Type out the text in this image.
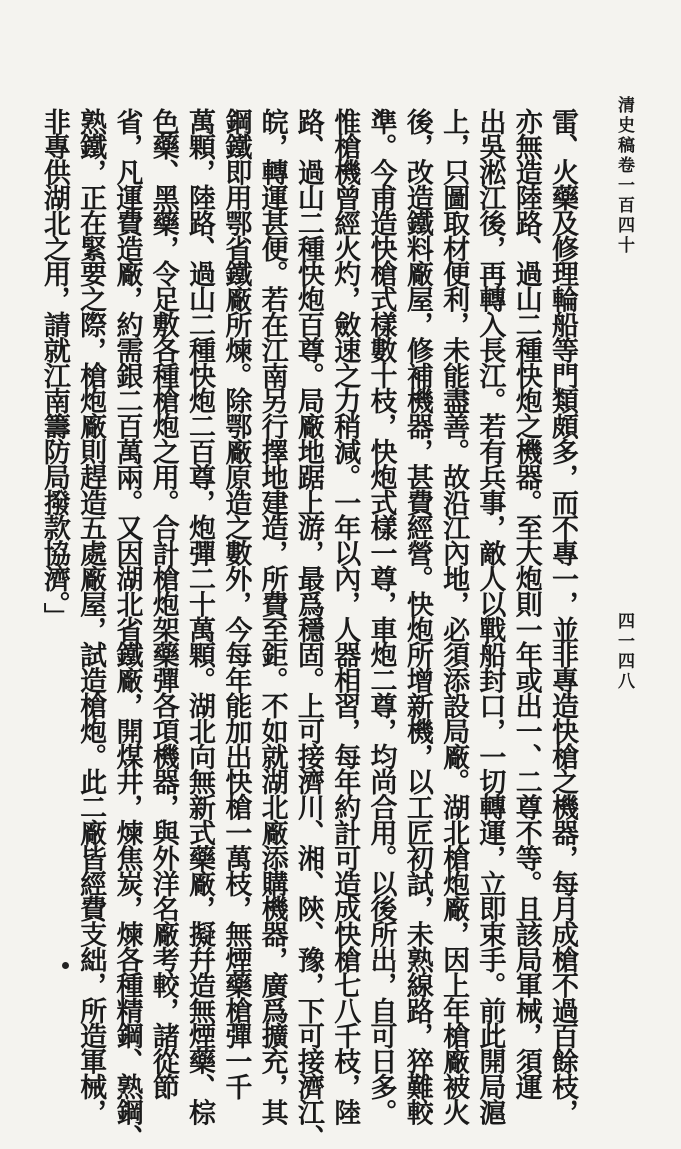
清史稿卷一百四十
四一四八
雷、火藥及修理輪船等門類頗多，而不專一，並非專造快槍之機器，每月成槍不過百餘枝，
亦無造陸路、過山二種快炮之機器。至大炮則一年或出一、二尊不等。且該局軍械，須運
出吳淞江後，再轉入長江。若有兵事，敵人以戰船封口，一切轉運，立即束手。前此開局滬
上，只圖取材便利，未能盡善。故沿江內地，必須添設局廠。湖北槍炮廠，因上年槍廠被火
後，改造鐵料廠屋，修補機器，甚費經營。快炮所增新機，以工匠初試，未熟線路，猝難較
準。今甫造快槍式樣數十枝，快炮式樣一尊，車炮二尊，均尚合用。以後所出，自可日多。
惟槍機曾經火灼，斂速之力稍減。一年以內，人器相習，每年約計可造成快槍七八千枝，陸
路、過山二種快炮百尊。局廠地踞上游，最爲穩固。上可接濟川、湘、陝、豫，下可接濟江、
皖，轉運甚便。若在江南另行擇地建造，所費至鉅。不如就湖北廠添購機器，廣爲擴充，其
鋼鐵即用鄂省鐵廠所煉。除鄂廠原造之數外，今每年能加出快槍一萬枝，無煙藥槍彈一千
萬顆，陸路、過山二種快炮二百尊，炮彈二十萬顆。湖北向無新式藥廠，擬幷造無煙藥、棕
色藥、黑藥，令足敷各種槍炮之用。合計槍炮架藥彈各項機器，與外洋名廠考較，諸從節
省，凡運費造廠，約需銀二百萬兩。又因湖北省鐵廠，開煤井，煉焦炭，煉各種精鋼、熟鋼、
熟鐵，正在緊要之際，槍炮廠則趕造五處廠屋，試造槍炮。此二廠皆經費支絀，所造軍械，
非專供湖北之用，請就江南籌防局撥款協濟。」
